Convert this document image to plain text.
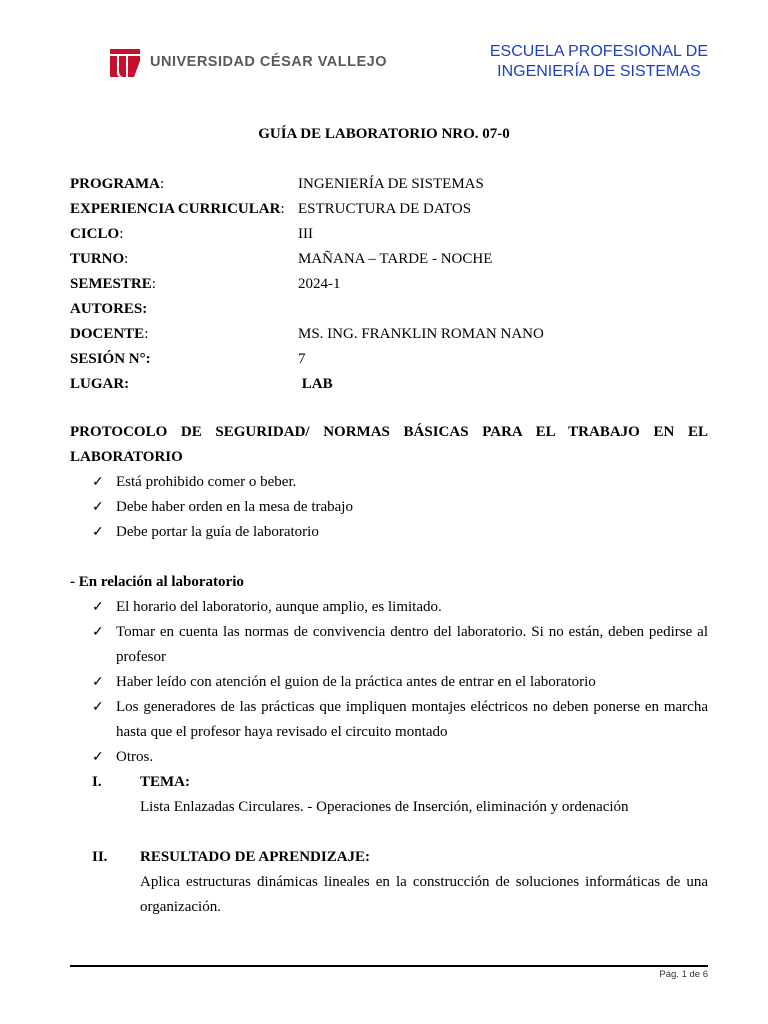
UNIVERSIDAD CÉSAR VALLEJO
ESCUELA PROFESIONAL DE
INGENIERÍA DE SISTEMAS
GUÍA DE LABORATORIO NRO. 07-0
PROGRAMA:	INGENIERÍA DE SISTEMAS
EXPERIENCIA CURRICULAR: ESTRUCTURA DE DATOS
CICLO:	III
TURNO:	MAÑANA – TARDE - NOCHE
SEMESTRE:	2024-1
AUTORES:
DOCENTE:	MS. ING. FRANKLIN ROMAN NANO
SESIÓN N°:	7
LUGAR:	LAB
PROTOCOLO DE SEGURIDAD/ NORMAS BÁSICAS PARA EL TRABAJO EN EL LABORATORIO
✓ Está prohibido comer o beber.
✓ Debe haber orden en la mesa de trabajo
✓ Debe portar la guía de laboratorio
- En relación al laboratorio
✓ El horario del laboratorio, aunque amplio, es limitado.
✓ Tomar en cuenta las normas de convivencia dentro del laboratorio. Si no están, deben pedirse al profesor
✓ Haber leído con atención el guion de la práctica antes de entrar en el laboratorio
✓ Los generadores de las prácticas que impliquen montajes eléctricos no deben ponerse en marcha hasta que el profesor haya revisado el circuito montado
✓ Otros.
I.	TEMA:
Lista Enlazadas Circulares. - Operaciones de Inserción, eliminación y ordenación
II.	RESULTADO DE APRENDIZAJE:
Aplica estructuras dinámicas lineales en la construcción de soluciones informáticas de una organización.
Pág. 1 de 6
